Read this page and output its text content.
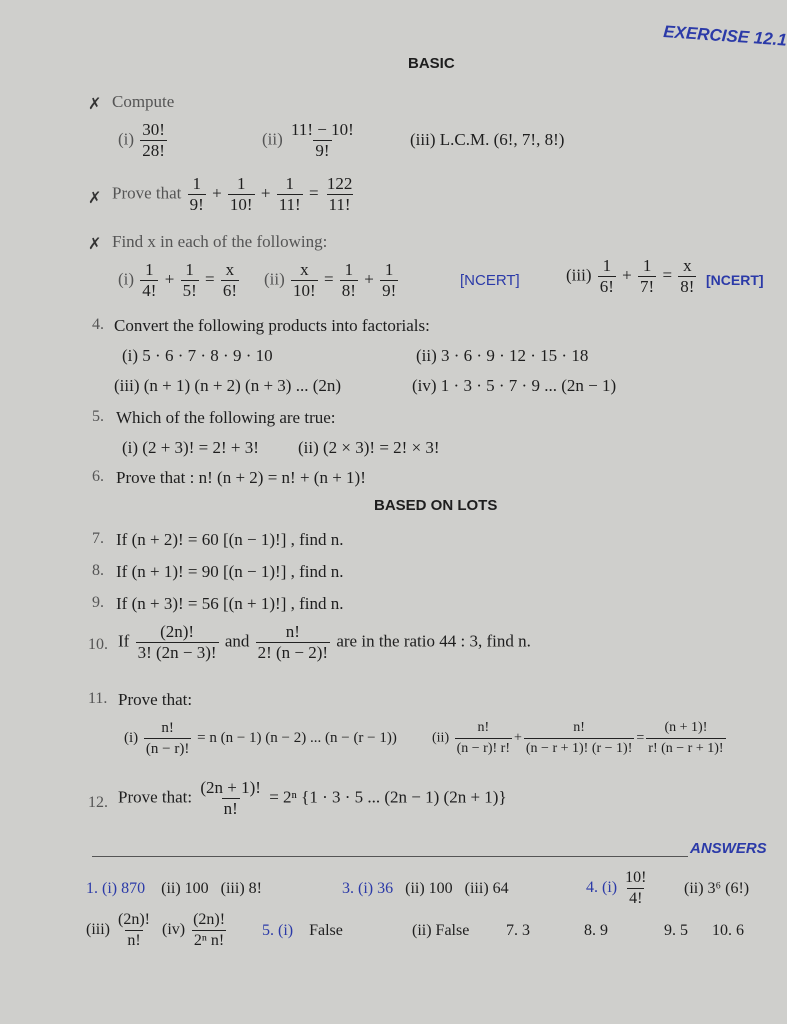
EXERCISE 12.1
BASIC
✗ Compute
$(i) \frac{30!}{28!}$	$(ii) \frac{11! - 10!}{9!}$	(iii) L.C.M. (6!, 7!, 8!)
✗ Prove that $\frac{1}{9!} + \frac{1}{10!} + \frac{1}{11!} = \frac{122}{11!}$
✗ Find x in each of the following:
$(i) \frac{1}{4!} + \frac{1}{5!} = \frac{x}{6!} (ii) \frac{x}{10!} = \frac{1}{8!} + \frac{1}{9!}$	[NCERT]	$(iii) \frac{1}{6!} + \frac{1}{7!} = \frac{x}{8!}$ [NCERT]
4. Convert the following products into factorials:
(i) 5 · 6 · 7 · 8 · 9 · 10	(ii) 3 · 6 · 9 · 12 · 15 · 18
(iii) (n + 1) (n + 2) (n + 3) ... (2n)	(iv) 1 · 3 · 5 · 7 · 9 ... (2n − 1)
5. Which of the following are true:
(i) (2 + 3)! = 2! + 3! (ii) (2 × 3)! = 2! × 3!
6. Prove that : n! (n + 2) = n! + (n + 1)!
BASED ON LOTS
7. If (n + 2)! = 60 [(n − 1)!] , find n.
8. If (n + 1)! = 90 [(n − 1)!] , find n.
9. If (n + 3)! = 56 [(n + 1)!] , find n.
10. If $\frac{(2n)!}{3! (2n - 3)!}$ and $\frac{n!}{2! (n - 2)!}$ are in the ratio 44 : 3, find n.
11. Prove that:
$(i) \frac{n!}{(n - r)!} = n$ (n − 1) (n − 2) ... (n − (r − 1))	$(ii) \frac{n!}{(n - r)! r!} + \frac{n!}{(n - r + 1)! (r - 1)!} = \frac{(n + 1)!}{r! (n - r + 1)!}$
12. Prove that: $\frac{(2n + 1)!}{n!} = 2^n$ {1 · 3 · 5 ... (2n − 1) (2n + 1)}
ANSWERS
1. (i) 870 (ii) 100 (iii) 8!	3. (i) 36 (ii) 100 (iii) 64	4. $(i) \frac{10!}{4!} (ii)$ 3⁶ (6!)
$(iii) \frac{(2n)!}{n!} (iv) \frac{(2n)!}{\text{2ⁿ n!}} 5$. (i) False	(ii) False 7. 3	8. 9	9. 5 10. 6
